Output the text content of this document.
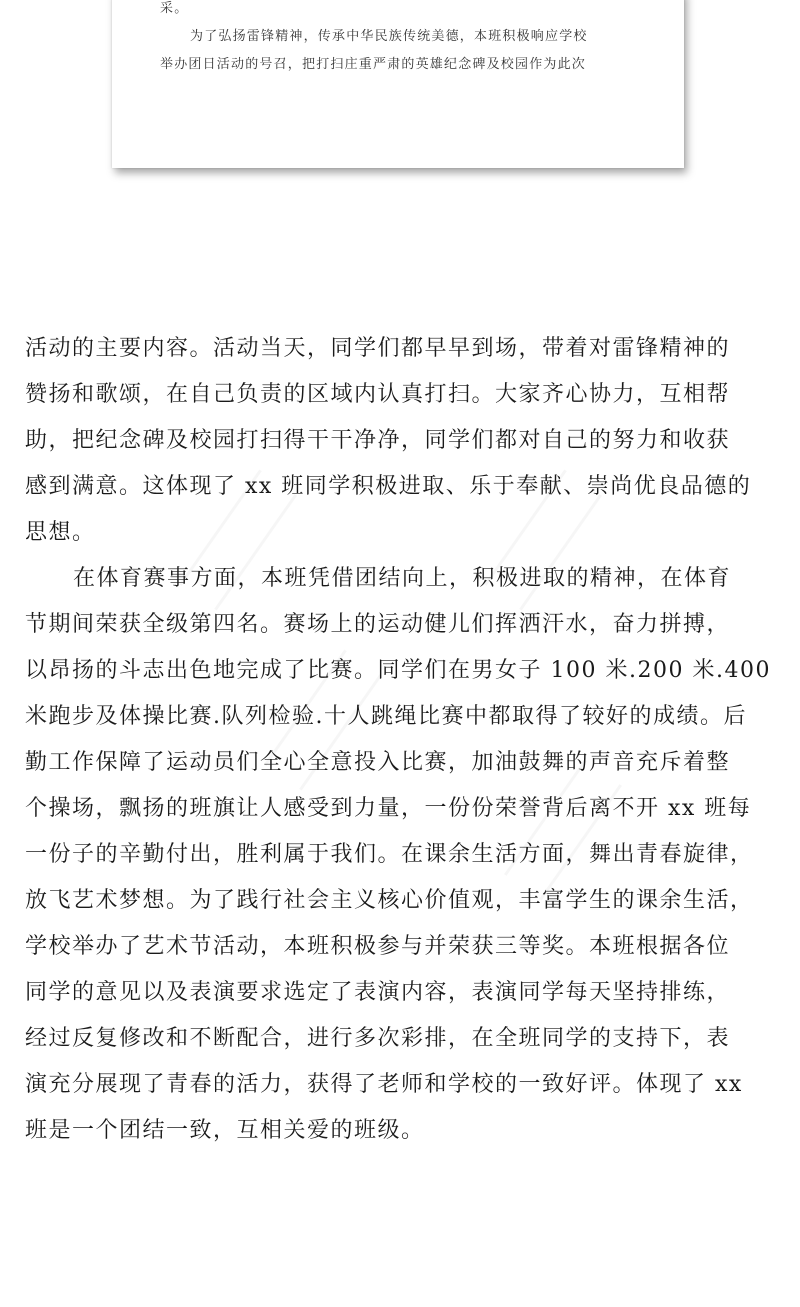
采。
为了弘扬雷锋精神，传承中华民族传统美德，本班积极响应学校
举办团日活动的号召，把打扫庄重严肃的英雄纪念碑及校园作为此次
活动的主要内容。活动当天，同学们都早早到场，带着对雷锋精神的
赞扬和歌颂，在自己负责的区域内认真打扫。大家齐心协力，互相帮
助，把纪念碑及校园打扫得干干净净，同学们都对自己的努力和收获
感到满意。这体现了 xx 班同学积极进取、乐于奉献、崇尚优良品德的
思想。
在体育赛事方面，本班凭借团结向上，积极进取的精神，在体育
节期间荣获全级第四名。赛场上的运动健儿们挥洒汗水，奋力拼搏，
以昂扬的斗志出色地完成了比赛。同学们在男女子 100 米.200 米.400
米跑步及体操比赛.队列检验.十人跳绳比赛中都取得了较好的成绩。后
勤工作保障了运动员们全心全意投入比赛，加油鼓舞的声音充斥着整
个操场，飘扬的班旗让人感受到力量，一份份荣誉背后离不开 xx 班每
一份子的辛勤付出，胜利属于我们。在课余生活方面，舞出青春旋律，
放飞艺术梦想。为了践行社会主义核心价值观，丰富学生的课余生活，
学校举办了艺术节活动，本班积极参与并荣获三等奖。本班根据各位
同学的意见以及表演要求选定了表演内容，表演同学每天坚持排练，
经过反复修改和不断配合，进行多次彩排，在全班同学的支持下，表
演充分展现了青春的活力，获得了老师和学校的一致好评。体现了 xx
班是一个团结一致，互相关爱的班级。
